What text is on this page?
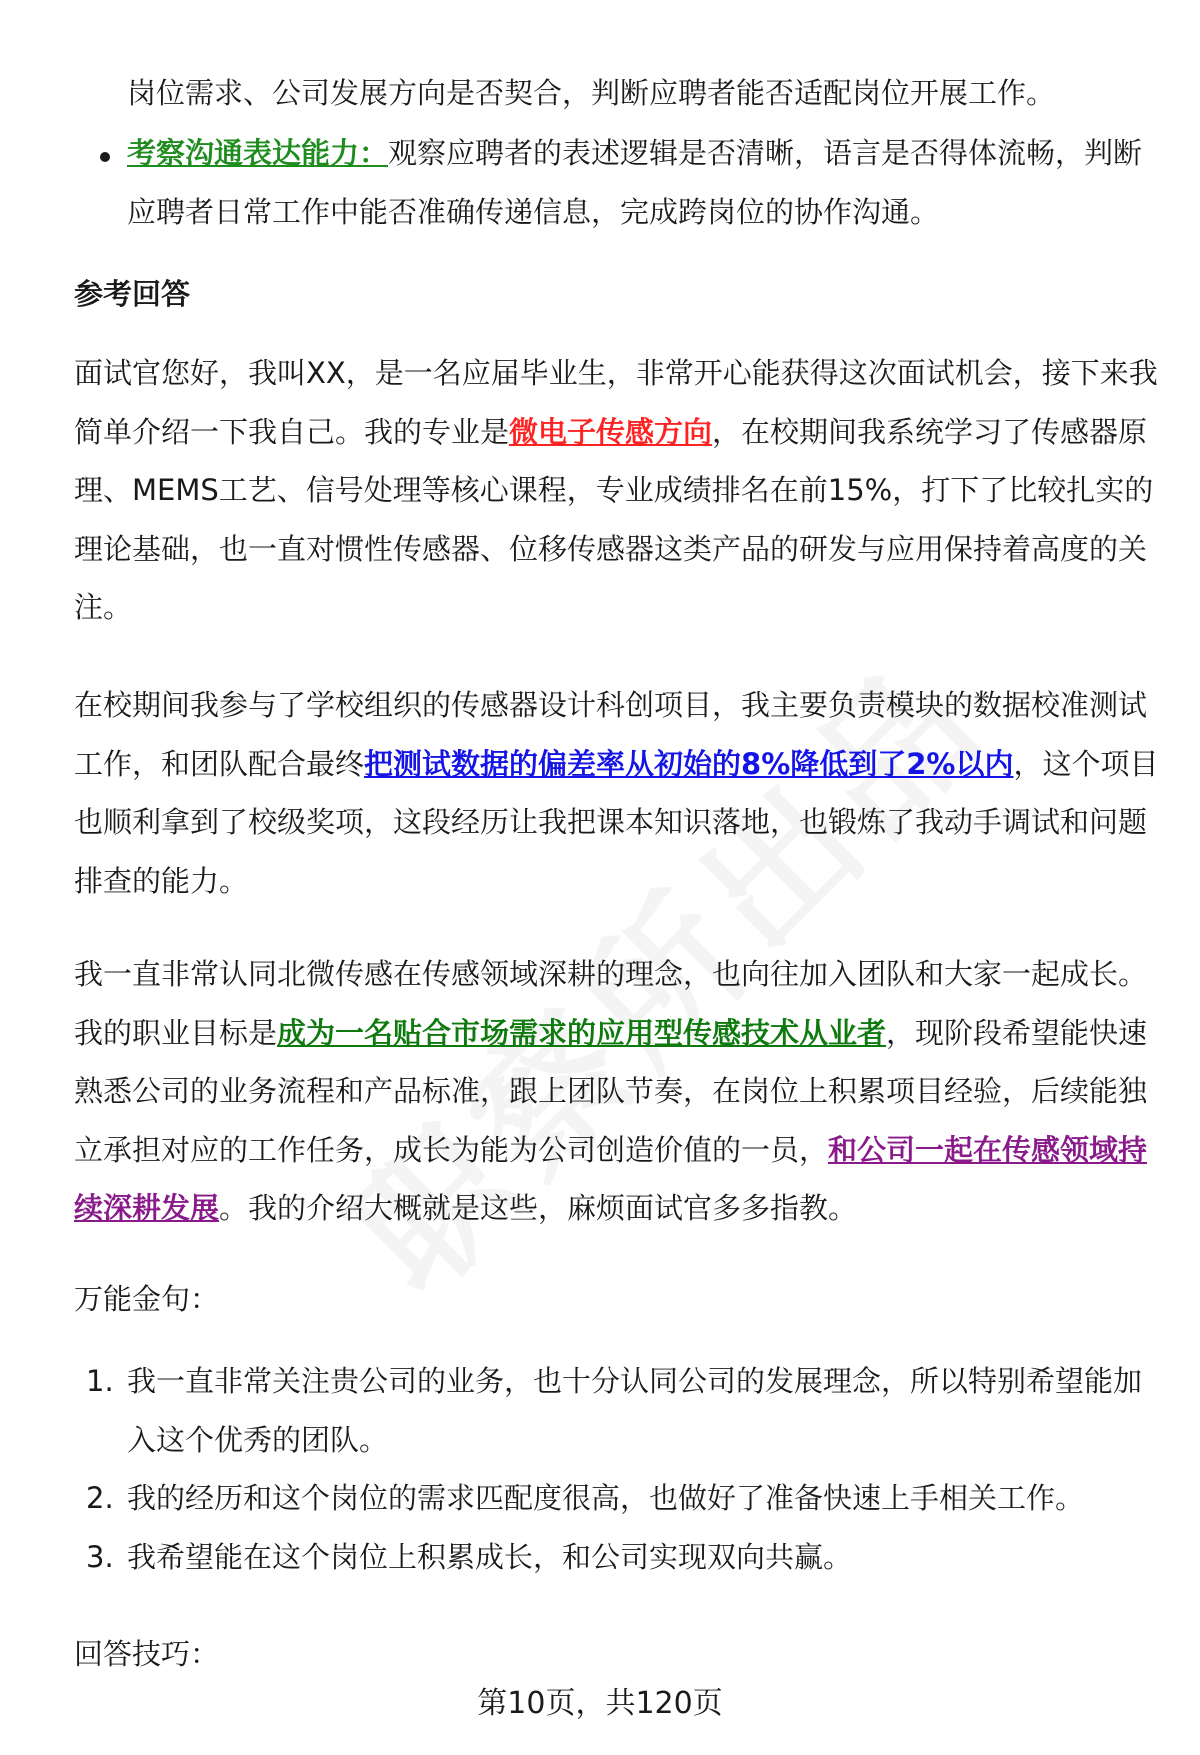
岗位需求、公司发展方向是否契合，判断应聘者能否适配岗位开展工作。
考察沟通表达能力：观察应聘者的表述逻辑是否清晰，语言是否得体流畅，判断应聘者日常工作中能否准确传递信息，完成跨岗位的协作沟通。
参考回答
面试官您好，我叫XX，是一名应届毕业生，非常开心能获得这次面试机会，接下来我简单介绍一下我自己。我的专业是微电子传感方向，在校期间我系统学习了传感器原理、MEMS工艺、信号处理等核心课程，专业成绩排名在前15%，打下了比较扎实的理论基础，也一直对惯性传感器、位移传感器这类产品的研发与应用保持着高度的关注。
在校期间我参与了学校组织的传感器设计科创项目，我主要负责模块的数据校准测试工作，和团队配合最终把测试数据的偏差率从初始的8%降低到了2%以内，这个项目也顺利拿到了校级奖项，这段经历让我把课本知识落地，也锻炼了我动手调试和问题排查的能力。
我一直非常认同北微传感在传感领域深耕的理念，也向往加入团队和大家一起成长。我的职业目标是成为一名贴合市场需求的应用型传感技术从业者，现阶段希望能快速熟悉公司的业务流程和产品标准，跟上团队节奏，在岗位上积累项目经验，后续能独立承担对应的工作任务，成长为能为公司创造价值的一员，和公司一起在传感领域持续深耕发展。我的介绍大概就是这些，麻烦面试官多多指教。
万能金句：
1. 我一直非常关注贵公司的业务，也十分认同公司的发展理念，所以特别希望能加入这个优秀的团队。
2. 我的经历和这个岗位的需求匹配度很高，也做好了准备快速上手相关工作。
3. 我希望能在这个岗位上积累成长，和公司实现双向共赢。
回答技巧：
第10页，共120页
